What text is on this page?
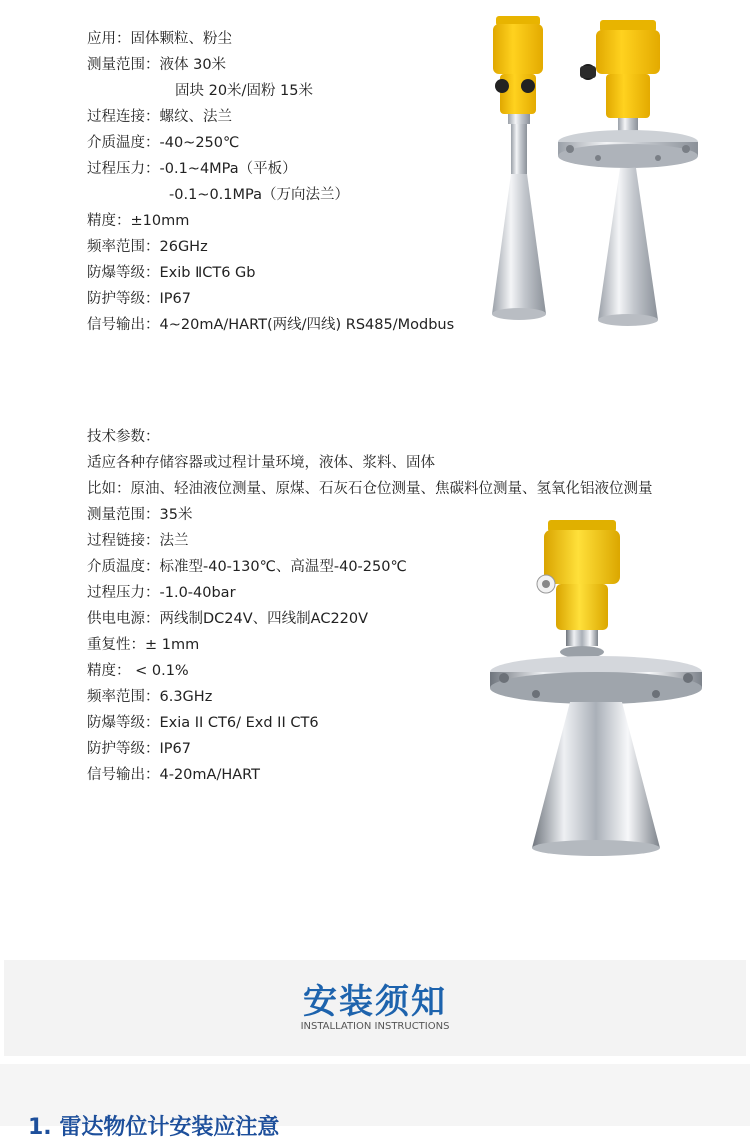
应用：固体颗粒、粉尘
测量范围：液体 30米
固块 20米/固粉 15米
过程连接：螺纹、法兰
介质温度：-40~250℃
过程压力：-0.1~4MPa（平板）
-0.1~0.1MPa（万向法兰）
精度：±10mm
频率范围：26GHz
防爆等级：Exib ⅡCT6 Gb
防护等级：IP67
信号输出：4~20mA/HART(两线/四线) RS485/Modbus
技术参数：
适应各种存储容器或过程计量环境，液体、浆料、固体
比如：原油、轻油液位测量、原煤、石灰石仓位测量、焦碳料位测量、氢氧化铝液位测量
测量范围：35米
过程链接：法兰
介质温度：标准型-40-130℃、高温型-40-250℃
过程压力：-1.0-40bar
供电电源：两线制DC24V、四线制AC220V
重复性：± 1mm
精度： < 0.1%
频率范围：6.3GHz
防爆等级：Exia II CT6/ Exd II CT6
防护等级：IP67
信号输出：4-20mA/HART
安装须知
INSTALLATION INSTRUCTIONS
1. 雷达物位计安装应注意
